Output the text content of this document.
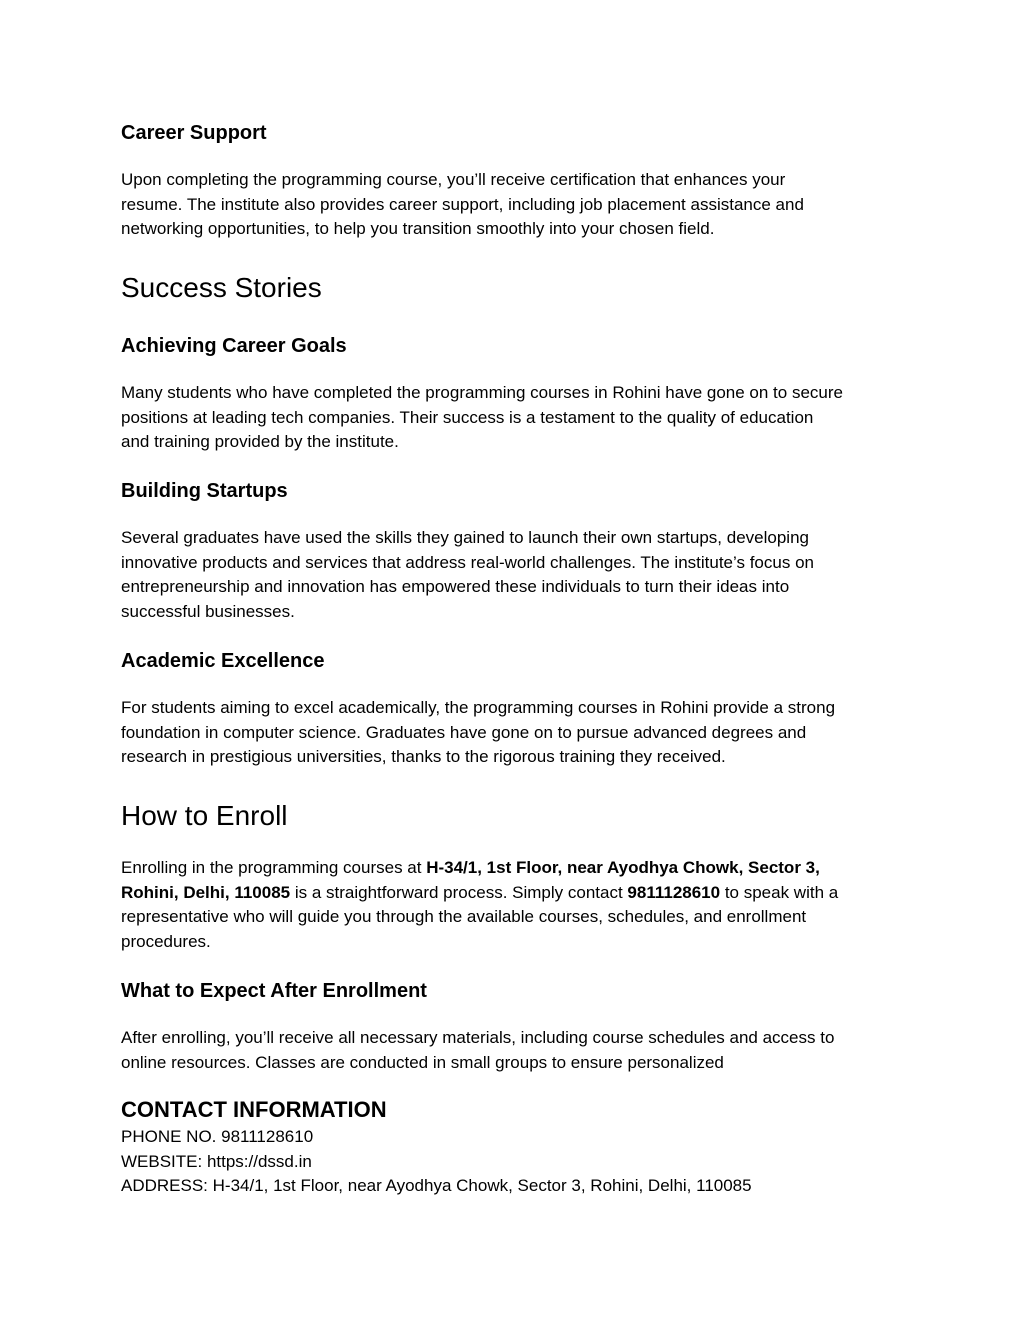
Career Support
Upon completing the programming course, you’ll receive certification that enhances your
resume. The institute also provides career support, including job placement assistance and
networking opportunities, to help you transition smoothly into your chosen field.
Success Stories
Achieving Career Goals
Many students who have completed the programming courses in Rohini have gone on to secure
positions at leading tech companies. Their success is a testament to the quality of education
and training provided by the institute.
Building Startups
Several graduates have used the skills they gained to launch their own startups, developing
innovative products and services that address real-world challenges. The institute’s focus on
entrepreneurship and innovation has empowered these individuals to turn their ideas into
successful businesses.
Academic Excellence
For students aiming to excel academically, the programming courses in Rohini provide a strong
foundation in computer science. Graduates have gone on to pursue advanced degrees and
research in prestigious universities, thanks to the rigorous training they received.
How to Enroll
Enrolling in the programming courses at H-34/1, 1st Floor, near Ayodhya Chowk, Sector 3,
Rohini, Delhi, 110085 is a straightforward process. Simply contact 9811128610 to speak with a
representative who will guide you through the available courses, schedules, and enrollment
procedures.
What to Expect After Enrollment
After enrolling, you’ll receive all necessary materials, including course schedules and access to
online resources. Classes are conducted in small groups to ensure personalized
CONTACT INFORMATION
PHONE NO. 9811128610
WEBSITE: https://dssd.in
ADDRESS: H-34/1, 1st Floor, near Ayodhya Chowk, Sector 3, Rohini, Delhi, 110085
